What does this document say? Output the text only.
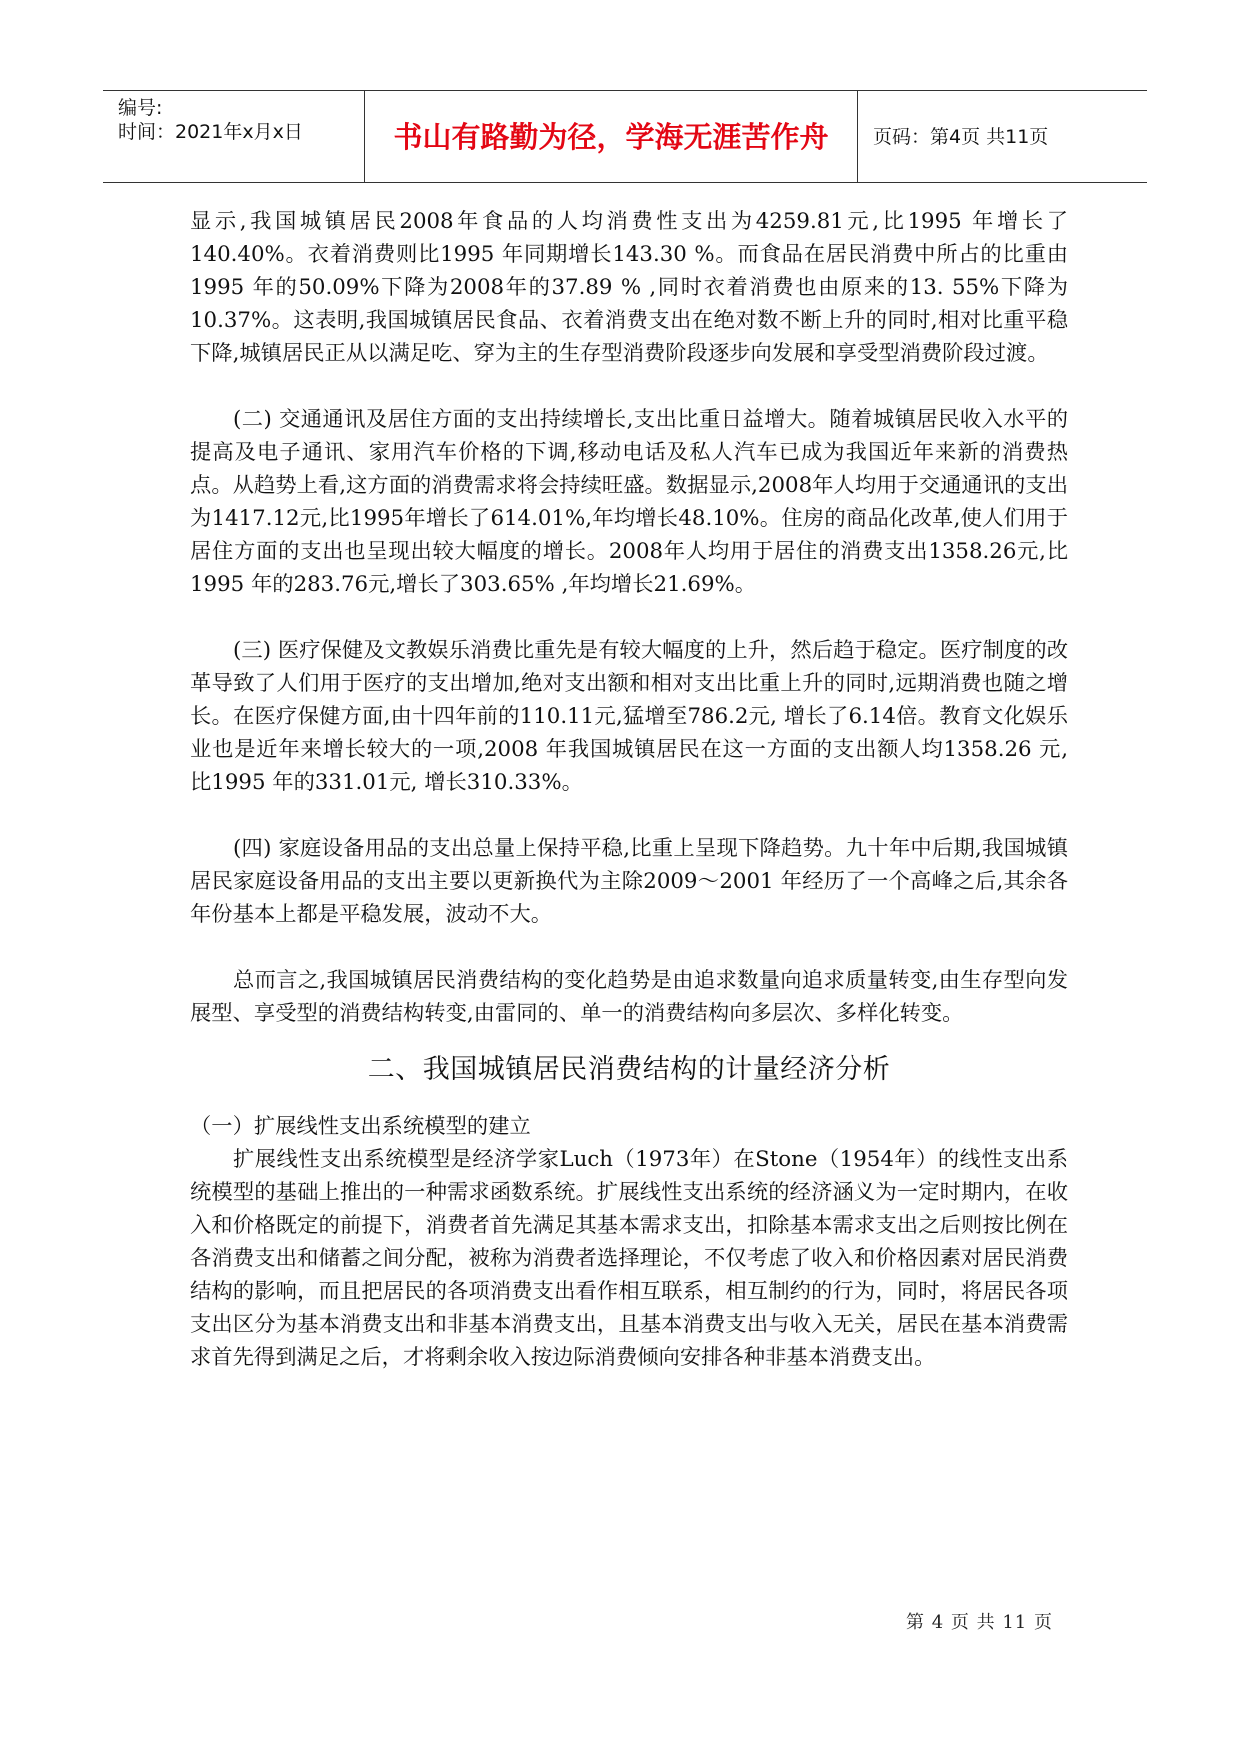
编号:
时间：2021年x月x日	书山有路勤为径，学海无涯苦作舟	页码：第4页 共11页

显示,我国城镇居民2008年食品的人均消费性支出为4259.81元,比1995 年增长了140.40%。衣着消费则比1995 年同期增长143.30 %。而食品在居民消费中所占的比重由1995 年的50.09%下降为2008年的37.89 % ,同时衣着消费也由原来的13. 55%下降为10.37%。这表明,我国城镇居民食品、衣着消费支出在绝对数不断上升的同时,相对比重平稳下降,城镇居民正从以满足吃、穿为主的生存型消费阶段逐步向发展和享受型消费阶段过渡。

(二) 交通通讯及居住方面的支出持续增长,支出比重日益增大。随着城镇居民收入水平的提高及电子通讯、家用汽车价格的下调,移动电话及私人汽车已成为我国近年来新的消费热点。从趋势上看,这方面的消费需求将会持续旺盛。数据显示,2008年人均用于交通通讯的支出为1417.12元,比1995年增长了614.01%,年均增长48.10%。住房的商品化改革,使人们用于居住方面的支出也呈现出较大幅度的增长。2008年人均用于居住的消费支出1358.26元,比1995 年的283.76元,增长了303.65% ,年均增长21.69%。

(三) 医疗保健及文教娱乐消费比重先是有较大幅度的上升，然后趋于稳定。医疗制度的改革导致了人们用于医疗的支出增加,绝对支出额和相对支出比重上升的同时,远期消费也随之增长。在医疗保健方面,由十四年前的110.11元,猛增至786.2元, 增长了6.14倍。教育文化娱乐业也是近年来增长较大的一项,2008 年我国城镇居民在这一方面的支出额人均1358.26 元, 比1995 年的331.01元, 增长310.33%。

(四) 家庭设备用品的支出总量上保持平稳,比重上呈现下降趋势。九十年中后期,我国城镇居民家庭设备用品的支出主要以更新换代为主除2009～2001 年经历了一个高峰之后,其余各年份基本上都是平稳发展，波动不大。

总而言之,我国城镇居民消费结构的变化趋势是由追求数量向追求质量转变,由生存型向发展型、享受型的消费结构转变,由雷同的、单一的消费结构向多层次、多样化转变。

二、我国城镇居民消费结构的计量经济分析
（一）扩展线性支出系统模型的建立

扩展线性支出系统模型是经济学家Luch（1973年）在Stone（1954年）的线性支出系统模型的基础上推出的一种需求函数系统。扩展线性支出系统的经济涵义为一定时期内，在收入和价格既定的前提下，消费者首先满足其基本需求支出，扣除基本需求支出之后则按比例在各消费支出和储蓄之间分配，被称为消费者选择理论，不仅考虑了收入和价格因素对居民消费结构的影响，而且把居民的各项消费支出看作相互联系，相互制约的行为，同时，将居民各项支出区分为基本消费支出和非基本消费支出，且基本消费支出与收入无关，居民在基本消费需求首先得到满足之后，才将剩余收入按边际消费倾向安排各种非基本消费支出。

第 4 页 共 11 页
